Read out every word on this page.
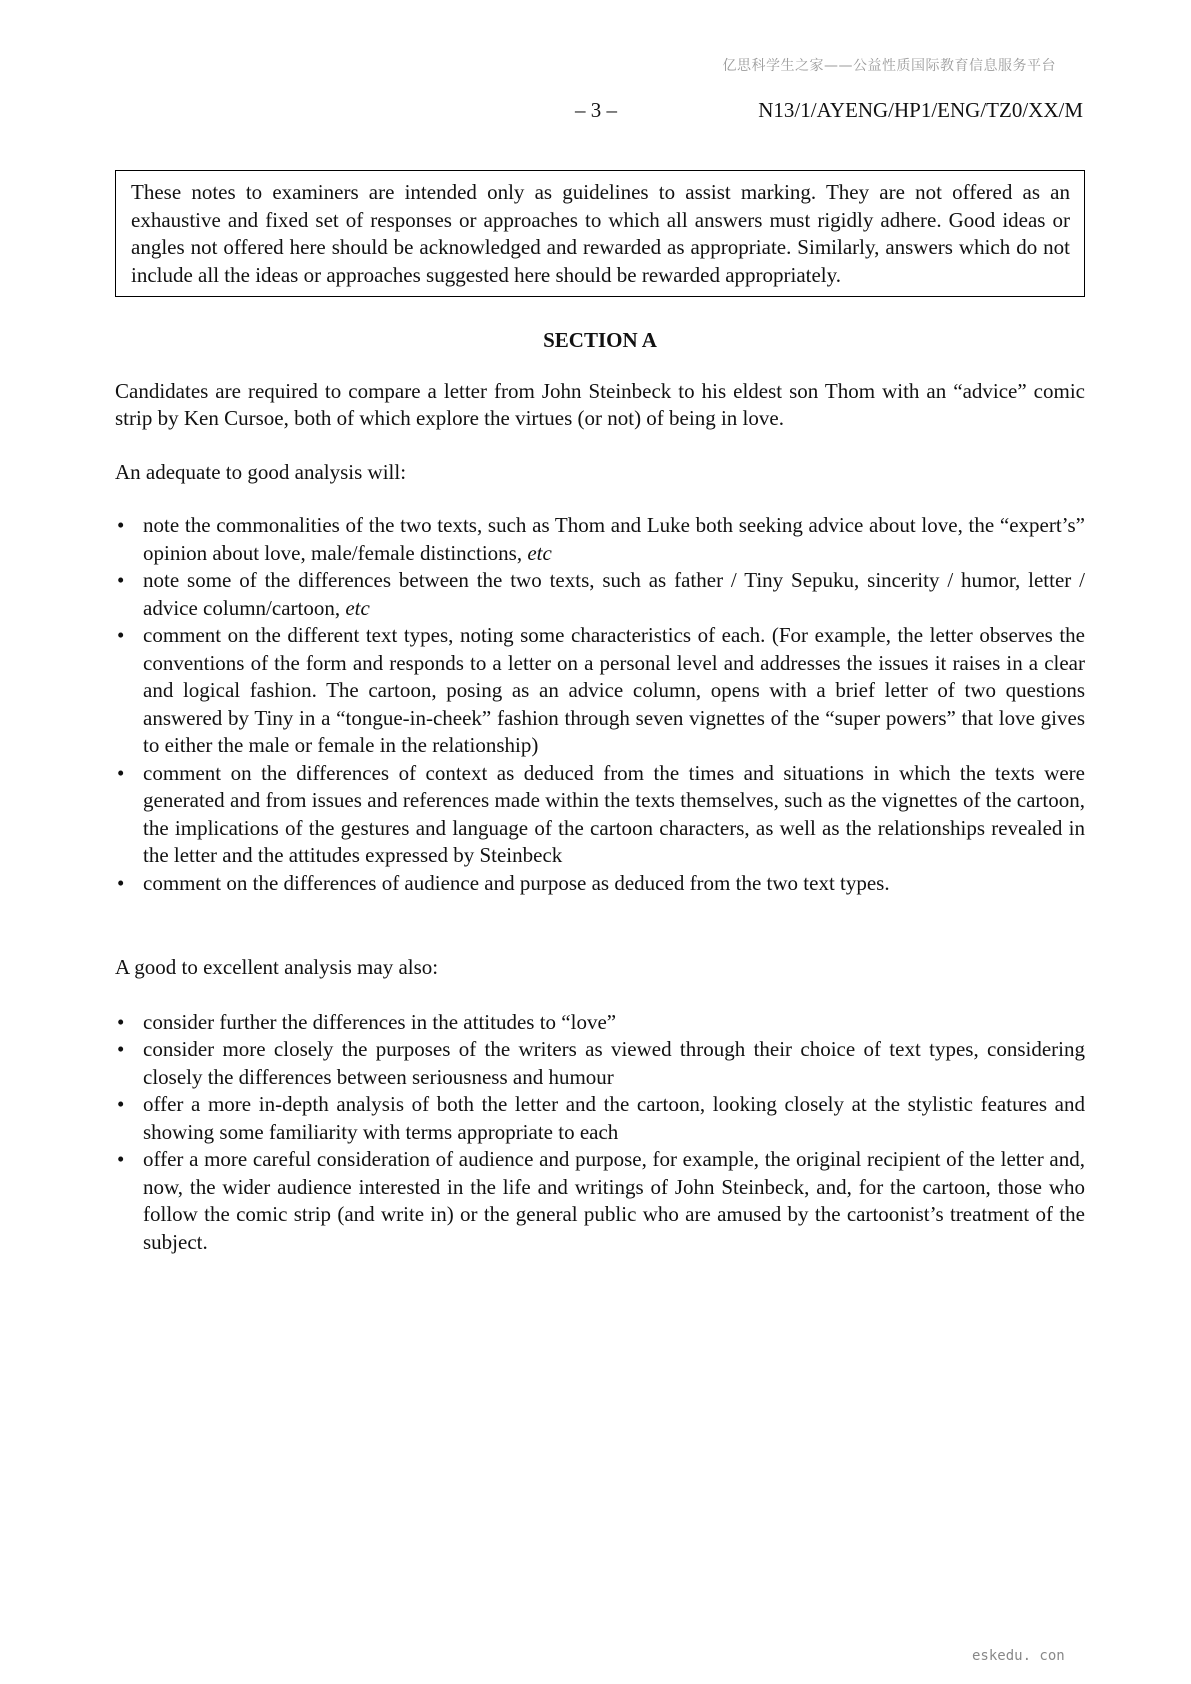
亿思科学生之家——公益性质国际教育信息服务平台
– 3 –	N13/1/AYENG/HP1/ENG/TZ0/XX/M
These notes to examiners are intended only as guidelines to assist marking. They are not offered as an exhaustive and fixed set of responses or approaches to which all answers must rigidly adhere. Good ideas or angles not offered here should be acknowledged and rewarded as appropriate. Similarly, answers which do not include all the ideas or approaches suggested here should be rewarded appropriately.
SECTION A

Candidates are required to compare a letter from John Steinbeck to his eldest son Thom with an “advice” comic strip by Ken Cursoe, both of which explore the virtues (or not) of being in love.

An adequate to good analysis will:

• note the commonalities of the two texts, such as Thom and Luke both seeking advice about love, the “expert’s” opinion about love, male/female distinctions, etc
• note some of the differences between the two texts, such as father / Tiny Sepuku, sincerity / humor, letter / advice column/cartoon, etc
• comment on the different text types, noting some characteristics of each. (For example, the letter observes the conventions of the form and responds to a letter on a personal level and addresses the issues it raises in a clear and logical fashion. The cartoon, posing as an advice column, opens with a brief letter of two questions answered by Tiny in a “tongue-in-cheek” fashion through seven vignettes of the “super powers” that love gives to either the male or female in the relationship)
• comment on the differences of context as deduced from the times and situations in which the texts were generated and from issues and references made within the texts themselves, such as the vignettes of the cartoon, the implications of the gestures and language of the cartoon characters, as well as the relationships revealed in the letter and the attitudes expressed by Steinbeck
• comment on the differences of audience and purpose as deduced from the two text types.

A good to excellent analysis may also:

• consider further the differences in the attitudes to “love”
• consider more closely the purposes of the writers as viewed through their choice of text types, considering closely the differences between seriousness and humour
• offer a more in-depth analysis of both the letter and the cartoon, looking closely at the stylistic features and showing some familiarity with terms appropriate to each
• offer a more careful consideration of audience and purpose, for example, the original recipient of the letter and, now, the wider audience interested in the life and writings of John Steinbeck, and, for the cartoon, those who follow the comic strip (and write in) or the general public who are amused by the cartoonist’s treatment of the subject.
eskedu. con
